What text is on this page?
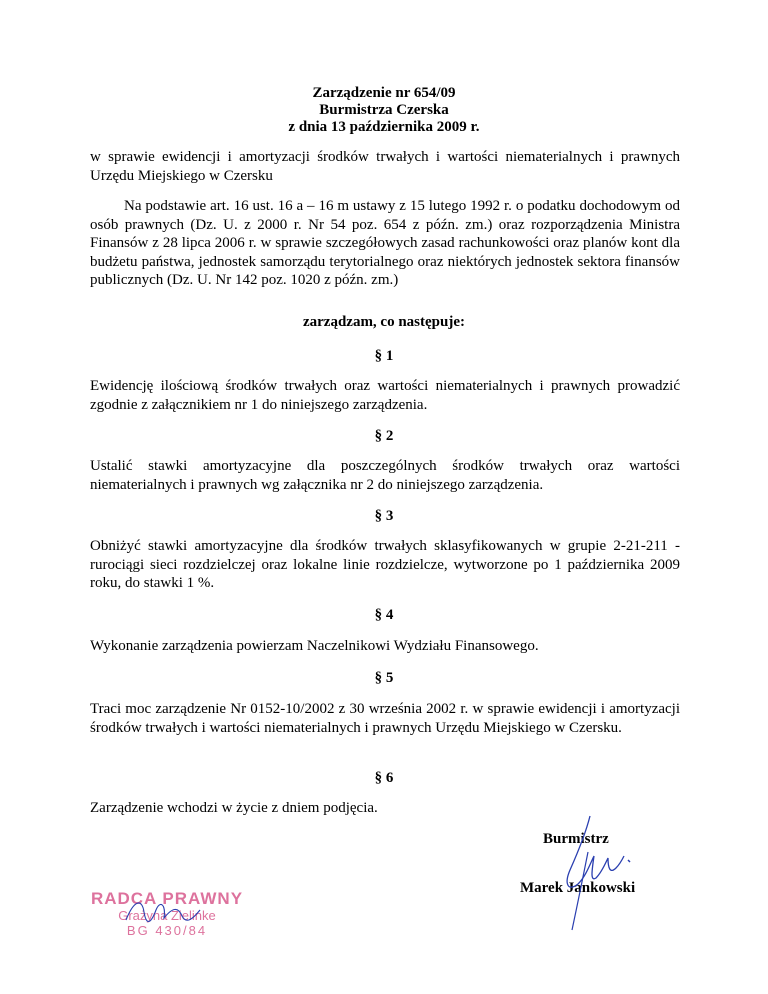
Zarządzenie nr 654/09
Burmistrza Czerska
z dnia 13 października 2009 r.
w sprawie ewidencji i amortyzacji środków trwałych i wartości niematerialnych i prawnych Urzędu Miejskiego w Czersku
Na podstawie art. 16 ust. 16 a – 16 m ustawy z 15 lutego 1992 r. o podatku dochodowym od osób prawnych (Dz. U. z 2000 r. Nr 54 poz. 654 z późn. zm.) oraz rozporządzenia Ministra Finansów z 28 lipca 2006 r. w sprawie szczegółowych zasad rachunkowości oraz planów kont dla budżetu państwa, jednostek samorządu terytorialnego oraz niektórych jednostek sektora finansów publicznych (Dz. U. Nr 142 poz. 1020 z późn. zm.)
zarządzam, co następuje:
§ 1
Ewidencję ilościową środków trwałych oraz wartości niematerialnych i prawnych prowadzić zgodnie z załącznikiem nr 1 do niniejszego zarządzenia.
§ 2
Ustalić stawki amortyzacyjne dla poszczególnych środków trwałych oraz wartości niematerialnych i prawnych wg załącznika nr 2 do niniejszego zarządzenia.
§ 3
Obniżyć stawki amortyzacyjne dla środków trwałych sklasyfikowanych w grupie 2-21-211 - rurociągi sieci rozdzielczej oraz lokalne linie rozdzielcze, wytworzone po 1 października 2009 roku, do stawki 1 %.
§ 4
Wykonanie zarządzenia powierzam Naczelnikowi Wydziału Finansowego.
§ 5
Traci moc zarządzenie Nr 0152-10/2002 z 30 września 2002 r. w sprawie ewidencji i amortyzacji środków trwałych i wartości niematerialnych i prawnych Urzędu Miejskiego w Czersku.
§ 6
Zarządzenie wchodzi w życie z dniem podjęcia.
Burmistrz
Marek Jankowski
RADCA PRAWNY
Grażyna Zielińke
BG 430/84
